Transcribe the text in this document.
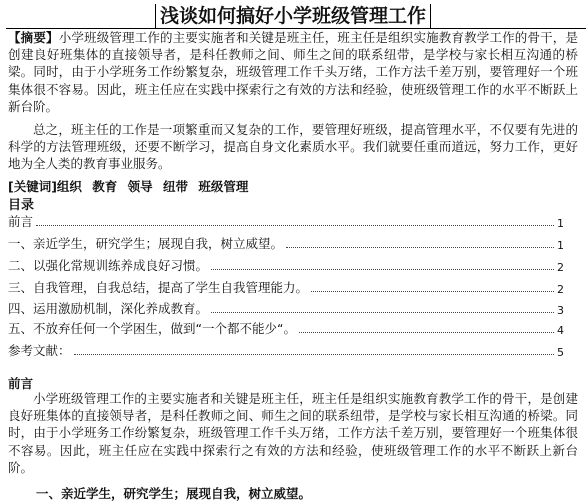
浅谈如何搞好小学班级管理工作

【摘要】小学班级管理工作的主要实施者和关键是班主任，班主任是组织实施教育教学工作的骨干，是创建良好班集体的直接领导者，是科任教师之间、师生之间的联系纽带，是学校与家长相互沟通的桥梁。同时，由于小学班务工作纷繁复杂，班级管理工作千头万绪，工作方法千差万别，要管理好一个班集体很不容易。因此，班主任应在实践中探索行之有效的方法和经验，使班级管理工作的水平不断跃上新台阶。

总之，班主任的工作是一项繁重而又复杂的工作，要管理好班级，提高管理水平，不仅要有先进的科学的方法管理班级，还要不断学习，提高自身文化素质水平。我们就要任重而道远，努力工作，更好地为全人类的教育事业服务。

[关键词]组织 教育 领导 纽带 班级管理
目录
前言	1
一、亲近学生，研究学生；展现自我，树立威望。	1
二、以强化常规训练养成良好习惯。	2
三、自我管理，自我总结，提高了学生自我管理能力。	2
四、运用激励机制，深化养成教育。	3
五、不放弃任何一个学困生，做到“一个都不能少“。	4
参考文献：	5
前言

小学班级管理工作的主要实施者和关键是班主任，班主任是组织实施教育教学工作的骨干，是创建良好班集体的直接领导者，是科任教师之间、师生之间的联系纽带，是学校与家长相互沟通的桥梁。同时，由于小学班务工作纷繁复杂，班级管理工作千头万绪，工作方法千差万别，要管理好一个班集体很不容易。因此，班主任应在实践中探索行之有效的方法和经验，使班级管理工作的水平不断跃上新台阶。

一、亲近学生，研究学生；展现自我，树立威望。
